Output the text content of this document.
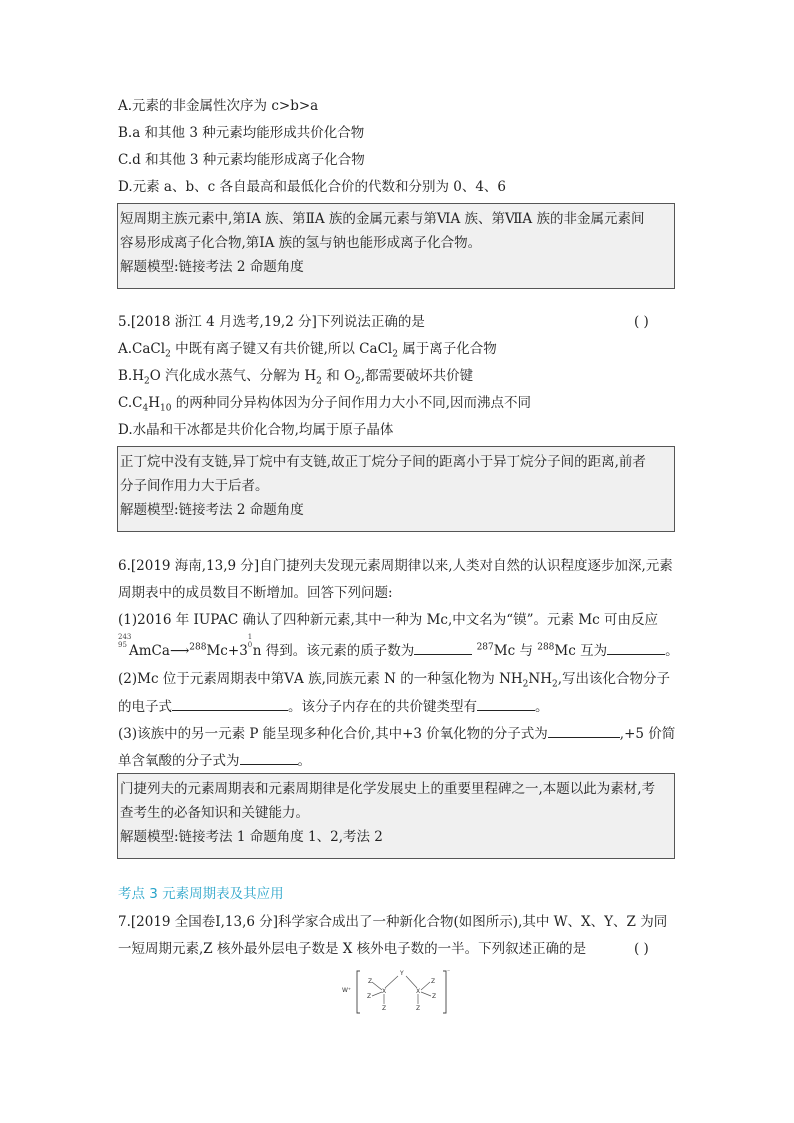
A.元素的非金属性次序为 c>b>a
B.a 和其他 3 种元素均能形成共价化合物
C.d 和其他 3 种元素均能形成离子化合物
D.元素 a、b、c 各自最高和最低化合价的代数和分别为 0、4、6
短周期主族元素中,第ⅠA 族、第ⅡA 族的金属元素与第ⅥA 族、第ⅦA 族的非金属元素间
容易形成离子化合物,第ⅠA 族的氢与钠也能形成离子化合物。
解题模型:链接考法 2 命题角度
5.[2018 浙江 4 月选考,19,2 分]下列说法正确的是	( )
A.CaCl$_2$ 中既有离子键又有共价键,所以 CaCl$_2$ 属于离子化合物
$B.H_2O$ 汽化成水蒸气、分解为 $H_2$ 和 $O_2$,都需要破坏共价键
$C.C_4H_{10}$ 的两种同分异构体因为分子间作用力大小不同,因而沸点不同
D.水晶和干冰都是共价化合物,均属于原子晶体
正丁烷中没有支链,异丁烷中有支链,故正丁烷分子间的距离小于异丁烷分子间的距离,前者
分子间作用力大于后者。
解题模型:链接考法 2 命题角度
6.[2019 海南,13,9 分]自门捷列夫发现元素周期律以来,人类对自然的认识程度逐步加深,元素
周期表中的成员数目不断增加。回答下列问题:
(1)2016 年 IUPAC 确认了四种新元素,其中一种为 Mc,中文名为“镆”。元素 Mc 可由反应
243
95 AmCa⟶$^{288}$Mc+3
1
0 n 得到。该元素的质子数为	$^{287}$Mc 与 $^{288}$Mc 互为	。
(2)Mc 位于元素周期表中第ⅤA 族,同族元素 N 的一种氢化物为 $NH_2NH_2$,写出该化合物分子
的电子式	。该分子内存在的共价键类型有	。
(3)该族中的另一元素 P 能呈现多种化合价,其中+3 价氧化物的分子式为	,+5 价简
单含氧酸的分子式为	。
门捷列夫的元素周期表和元素周期律是化学发展史上的重要里程碑之一,本题以此为素材,考
查考生的必备知识和关键能力。
解题模型:链接考法 1 命题角度 1、2,考法 2
考点 3 元素周期表及其应用
7.[2019 全国卷Ⅰ,13,6 分]科学家合成出了一种新化合物(如图所示),其中 W、X、Y、Z 为同
一短周期元素,Z 核外最外层电子数是 X 核外电子数的一半。下列叙述正确的是	( )
W⁺
⁻
X
Z
Z
Z
Y
X
Z
Z
Z
